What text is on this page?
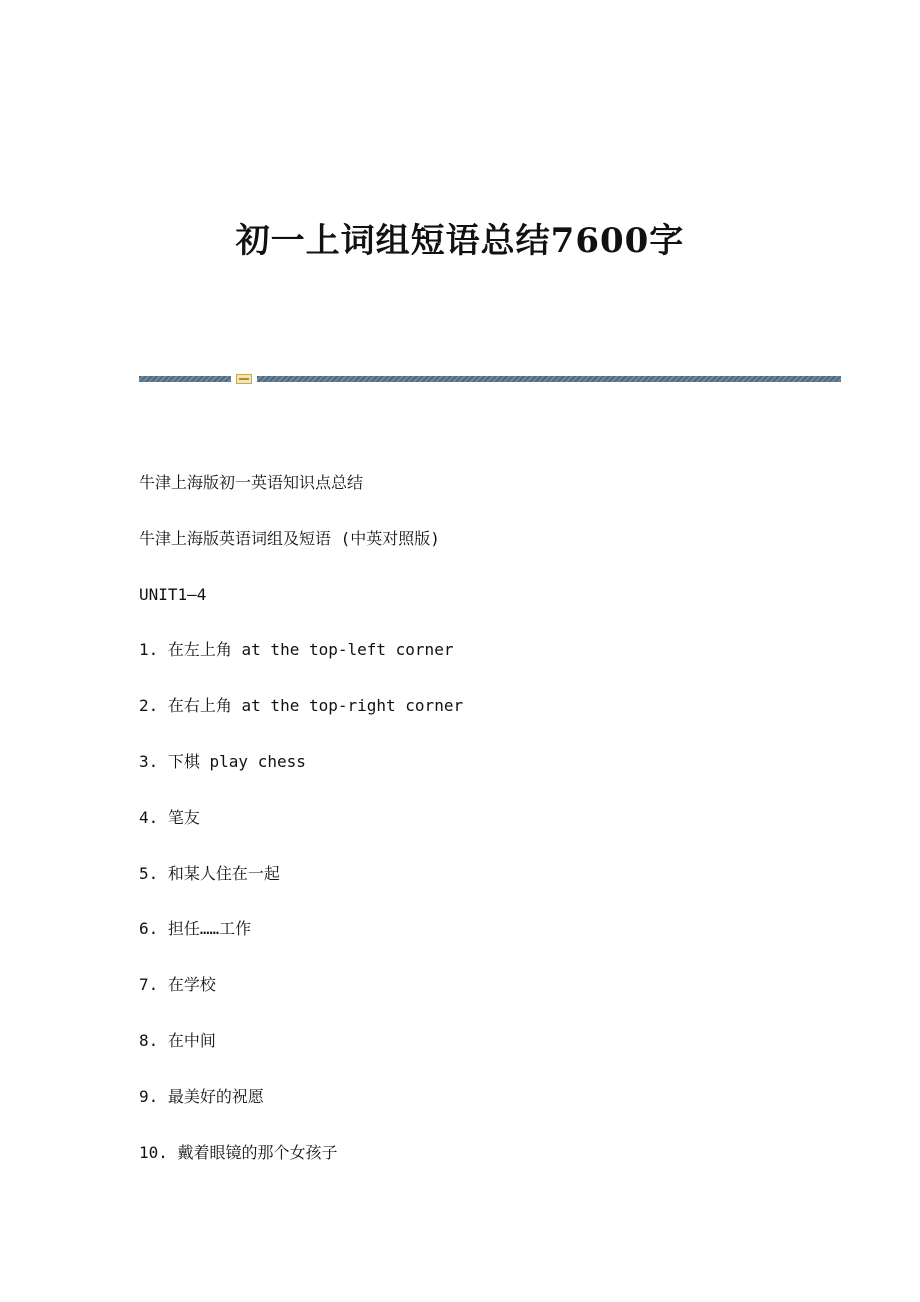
初一上词组短语总结7600字

牛津上海版初一英语知识点总结

牛津上海版英语词组及短语 (中英对照版)

UNIT1—4

1. 在左上角 at the top-left corner

2. 在右上角 at the top-right corner

3. 下棋 play chess

4. 笔友

5. 和某人住在一起

6. 担任……工作

7. 在学校

8. 在中间

9. 最美好的祝愿

10. 戴着眼镜的那个女孩子
